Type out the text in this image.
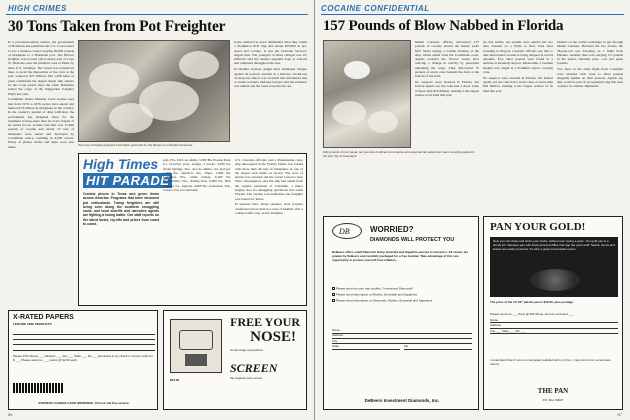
HIGH CRIMES
30 Tons Taken from Pot Freighter

In a precedent-setting seizure, the government of Honduras has permitted the U.S. Coast Guard to tow a stateless vessel carrying 60,000 pounds of marijuana to a Honduran port. The 80-foot freighter was located and boarded east of Cape St. Nicholas, near the northern coast of Haiti, by three U.S. warships. The vessel was transferred there to await the disposition of the crew at the port, valued at $27 million. The 1,200 bales of grass constituted the largest single ship seizure by the Coast Guard since the cutter Dauntless seized the cargo of the Stiggerdew freighter Night last year.

Colombian Justice Minister Cesar Gomez says that from 1976 to 1979, police have seized and burned $3.8 billion in marijuana in the country. In the country's pursuit of drug traffickers the government has budgeted more for the treatment of drug-users than for every branch of its armed forces. Gomez said that over 15,000 pounds of cocaine and nearly 10 tons of marijuana were seized and destroyed by Colombian police, resulting in 4,000 arrests. Fleets of planes, trucks and ships were also taken.	Two tons of burlap-wrapped Colombian gold wait for the flames of a Florida incinerator.

boats, undercover narcs dismantled what they called a $5-million PCP ring and seized $50,000 in pot, speed and cocaine. It was the Customs Service's largest bust. The youngest of those charged was 19. Officials said the dealers supplied dope to schools and campuses throughout the area.

In Wichita, Kansas, judges have dismissed charges against 42 persons arrested in a massive crackdown on drug use after it was revealed that informants lied to obtain warrants. Defense lawyers said the evidence was tainted and the cases were thrown out.

High Times
HIT PARADE

Coolest pieces in Texas and green items across America. Programs that have stemmed pot enthusiasts. Tramp freighters are still being seen along the southern smuggling route, and local sheriffs and narcotics agents are fighting a losing battle. Our staff reports on the latest busts, rip-offs and prices from coast to coast.

port, Fla., DCL no ammo. 5,500 Bu. Boston Park, Ca. Crowbar, prop. Ledger, 2 trucks. 3,200 lbs. Ocala Springs, Tex., Ace no ammo, rice and pot. 1,200 lbs. Junction, Ks., Piper. 1,800 lbs. Lakeland, Fla., cabin cruiser. 2,200 lbs. Brownsville, Tex., shrimp boat. 6,000 lbs. New Orleans, La., tugboat. 4,400 lbs. Galveston, Tex., Cessna 310, pot and hash.

U.S. Customs officials said a Panamanian cargo ship intercepted in the Florida Straits was loaded with more than 40 tons of marijuana, in one of the largest such hauls on record. The crew of eleven was arrested and the vessel towed to Key West. Investigators said the ship had sailed from the Guajira peninsula of Colombia, a major staging area for smuggling operations into south Florida. The captain told authorities the freighter was bound for Texas.

In separate New Jersey seizures, state troopers confiscated more than two tons of hashish after a routine traffic stop on the Turnpike.

X-RATED PAPERS
LEISURE TIME PRODUCTS
Please Print Name ___ Address ___ City ___ State ___ Zip ___ Enclosed is my check or money order for $ ___ Please send me ___ packs @ $2.50 each.
EXPRESS CHARGE CARD ORDERING: 24-hour toll free service.
FREE YOUR
NOSE!
At last drugs everywhere
SCREEN
the original snow screen
$23.95
86
COCAINE CONFIDENTIAL
157 Pounds of Blow Nabbed in Florida

Miami Customs officers uncovered 157 pounds of cocaine aboard the luxury yacht M/V Maya during a routine docking of the ship, which sailed from the Colombian coast. Agents boarded the 76-foot vessel after noticing a change in activity by personnel unloading the cargo. They discovered 70 packets of uncut coke beneath the deck at the bottom of the hold.

No suspects were arrested in Florida, but federal agents say the coke had a street value of more than $50 million, making it the largest seizure of its kind this year.

Fifty pounds of rock paste, ten pounds of refined coca blanca and assorted lab equipment were recently popped in the port city of Guayaquil.

As day earlier, ten pounds were seized and two men arrested on a flight to New York after boarding in Bogota. Customs officials say that to date intercepted cocaine is being shipped in record amounts. Two other pounds were found in a suitcase at Kennedy Airport. Meanwhile, a German student was caught at a Frankfurt airport carrying coke.

No suspects were arrested in Florida, but federal agents say the coke had a street value of more than $50 million, making it the largest seizure of its kind this year.

banked on the scatter technique to get through Miami Customs. Between the two arrests, the 38-year-old was traveling on a flight from Panama. Another man was carrying 3.5 pounds in his jacket, shoulder pads, coat and pants pockets.

Two men on the same flight from Colombia were arrested with close to three pounds allegedly hidden on their persons. Agents say they could be part of an organized ring that uses couriers for smaller shipments.

DB	WORRIED?
DIAMONDS WILL PROTECT YOU
DeBeers offers small Diamond, Ruby, Emerald and Sapphire parcels to investors. All stones are graded by DeBeers and carefully packaged for a free booklet. Take advantage of this rare opportunity to protect yourself from inflation.
Please send me your free booklet, "Investment Diamonds"
Please send information on Rubies, Emeralds and Sapphires.
Please send information on Diamonds, Rubies, Emeralds and Sapphires.
Name
Address
City
State	Zip
DeBeers Investment Diamonds, Inc.
PAN YOUR GOLD!
Now you can clean and strain your herbs, without ever losing a gram. Our gold pan is a sturdy 10" diameter pan with finely textured riffles that trap the good stuff. Seeds, stems and leaves are easily removed. It's also a great conversation piece.
The price of the 10 1/2" plastic pan is $19.95, plus postage.
Please send me ___ Pans @ $15.00 ea. Amount enclosed ___
Name
Address
City ___ State ___ Zip ___
I understand that if I am not completely satisfied with my Pan, I may return it for a complete refund.
THE PAN
P.O. Box 33007
87
